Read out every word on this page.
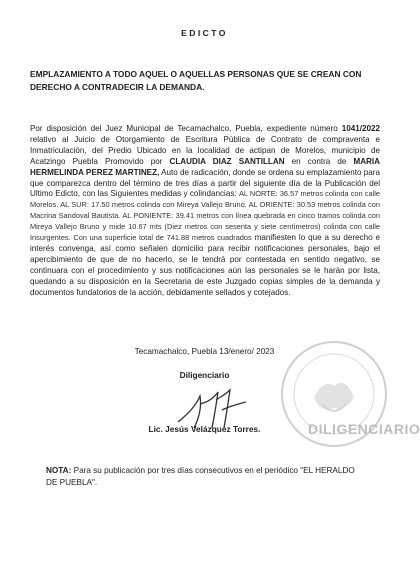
EDICTO
EMPLAZAMIENTO A TODO AQUEL O AQUELLAS PERSONAS QUE SE CREAN CON DERECHO A CONTRADECIR LA DEMANDA.
Por disposición del Juez Municipal de Tecamachalco, Puebla, expediente número 1041/2022 relativo al Juicio de Otorgamiento de Escritura Pública de Contrato de compraventa e Inmatriculación, del Predio Ubicado en la localidad de actipan de Morelos, municipio de Acatzingo Puebla Promovido por CLAUDIA DIAZ SANTILLAN en contra de MARIA HERMELINDA PEREZ MARTINEZ, Auto de radicación, donde se ordena su emplazamiento para que comparezca dentro del término de tres días a partir del siguiente día de la Publicación del Ultimo Edicto, con las Siguientes medidas y colindancias: AL NORTE: 36.57 metros colinda con calle Morelos. AL SUR: 17.50 metros colinda con Mireya Vallejo Bruno. AL ORIENTE: 30.53 metros colinda con Macrina Sandoval Bautista. AL PONIENTE: 39.41 metros con línea quebrada en cinco tramos colinda con Mireya Vallejo Bruno y mide 10.67 mts (Diez metros con sesenta y siete centímetros) colinda con calle Insurgentes. Con una superficie total de 741.88 metros cuadrados manifiesten lo que a su derecho e interés convenga, así como señalen domicilio para recibir notificaciones personales, bajo el apercibimiento de que de no hacerlo, se le tendrá por contestada en sentido negativo, se continuara con el procedimiento y sus notificaciones aún las personales se le harán por lista, quedando a su disposición en la Secretaria de este Juzgado copias simples de la demanda y documentos fundatorios de la acción, debidamente sellados y cotejados.
Tecamachalco, Puebla 13/enero/ 2023
Diligenciario
Lic. Jesús Velázquez Torres.	DILIGENCIARIO
NOTA: Para su publicación por tres días consecutivos en el periódico "EL HERALDO DE PUEBLA".
